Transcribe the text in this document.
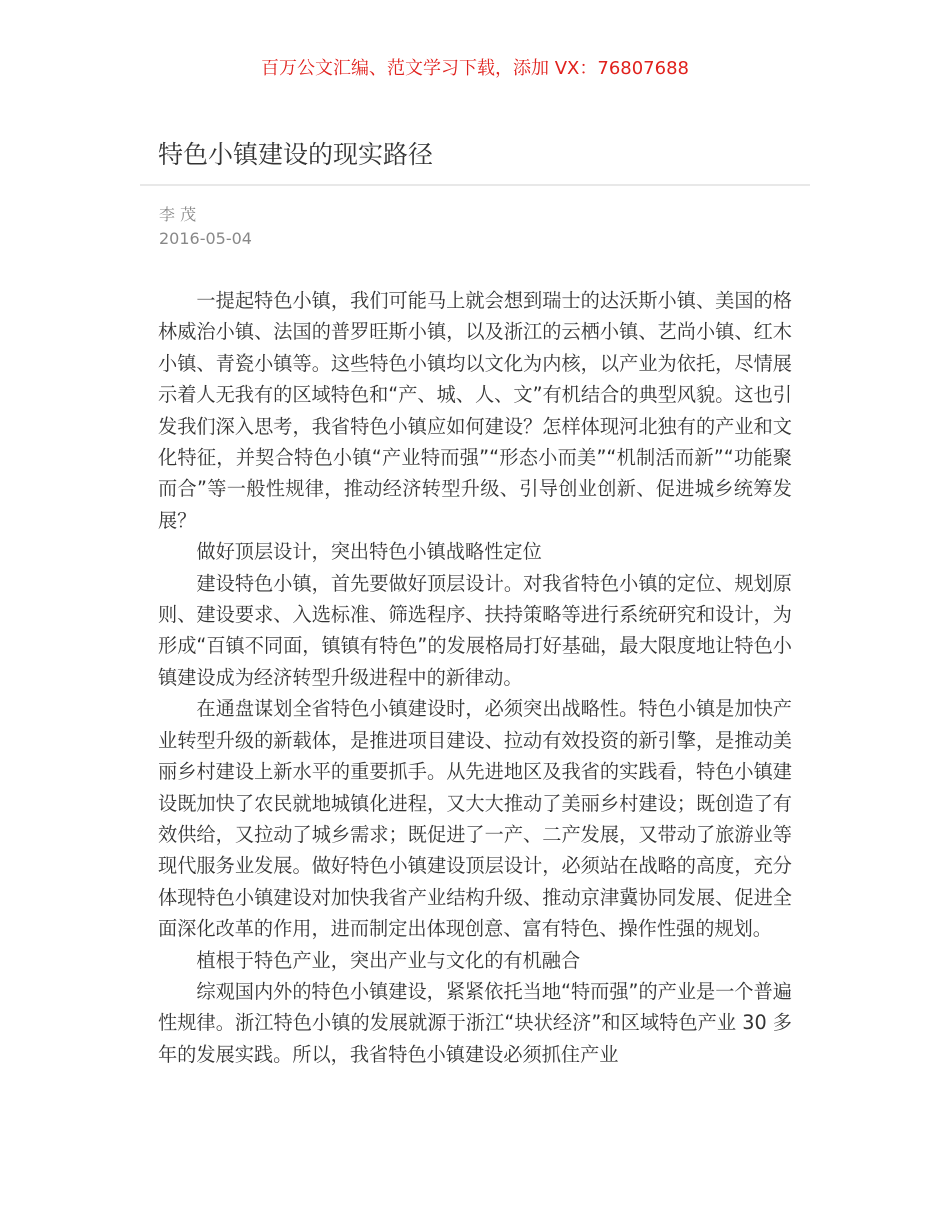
百万公文汇编、范文学习下载，添加 VX：76807688
特色小镇建设的现实路径
李 茂
2016-05-04

一提起特色小镇，我们可能马上就会想到瑞士的达沃斯小镇、美国的格林威治小镇、法国的普罗旺斯小镇，以及浙江的云栖小镇、艺尚小镇、红木小镇、青瓷小镇等。这些特色小镇均以文化为内核，以产业为依托，尽情展示着人无我有的区域特色和“产、城、人、文”有机结合的典型风貌。这也引发我们深入思考，我省特色小镇应如何建设？怎样体现河北独有的产业和文化特征，并契合特色小镇“产业特而强”“形态小而美”“机制活而新”“功能聚而合”等一般性规律，推动经济转型升级、引导创业创新、促进城乡统筹发展？

做好顶层设计，突出特色小镇战略性定位

建设特色小镇，首先要做好顶层设计。对我省特色小镇的定位、规划原则、建设要求、入选标准、筛选程序、扶持策略等进行系统研究和设计，为形成“百镇不同面，镇镇有特色”的发展格局打好基础，最大限度地让特色小镇建设成为经济转型升级进程中的新律动。

在通盘谋划全省特色小镇建设时，必须突出战略性。特色小镇是加快产业转型升级的新载体，是推进项目建设、拉动有效投资的新引擎，是推动美丽乡村建设上新水平的重要抓手。从先进地区及我省的实践看，特色小镇建设既加快了农民就地城镇化进程，又大大推动了美丽乡村建设；既创造了有效供给，又拉动了城乡需求；既促进了一产、二产发展，又带动了旅游业等现代服务业发展。做好特色小镇建设顶层设计，必须站在战略的高度，充分体现特色小镇建设对加快我省产业结构升级、推动京津冀协同发展、促进全面深化改革的作用，进而制定出体现创意、富有特色、操作性强的规划。

植根于特色产业，突出产业与文化的有机融合

综观国内外的特色小镇建设，紧紧依托当地“特而强”的产业是一个普遍性规律。浙江特色小镇的发展就源于浙江“块状经济”和区域特色产业 30 多年的发展实践。所以，我省特色小镇建设必须抓住产业
